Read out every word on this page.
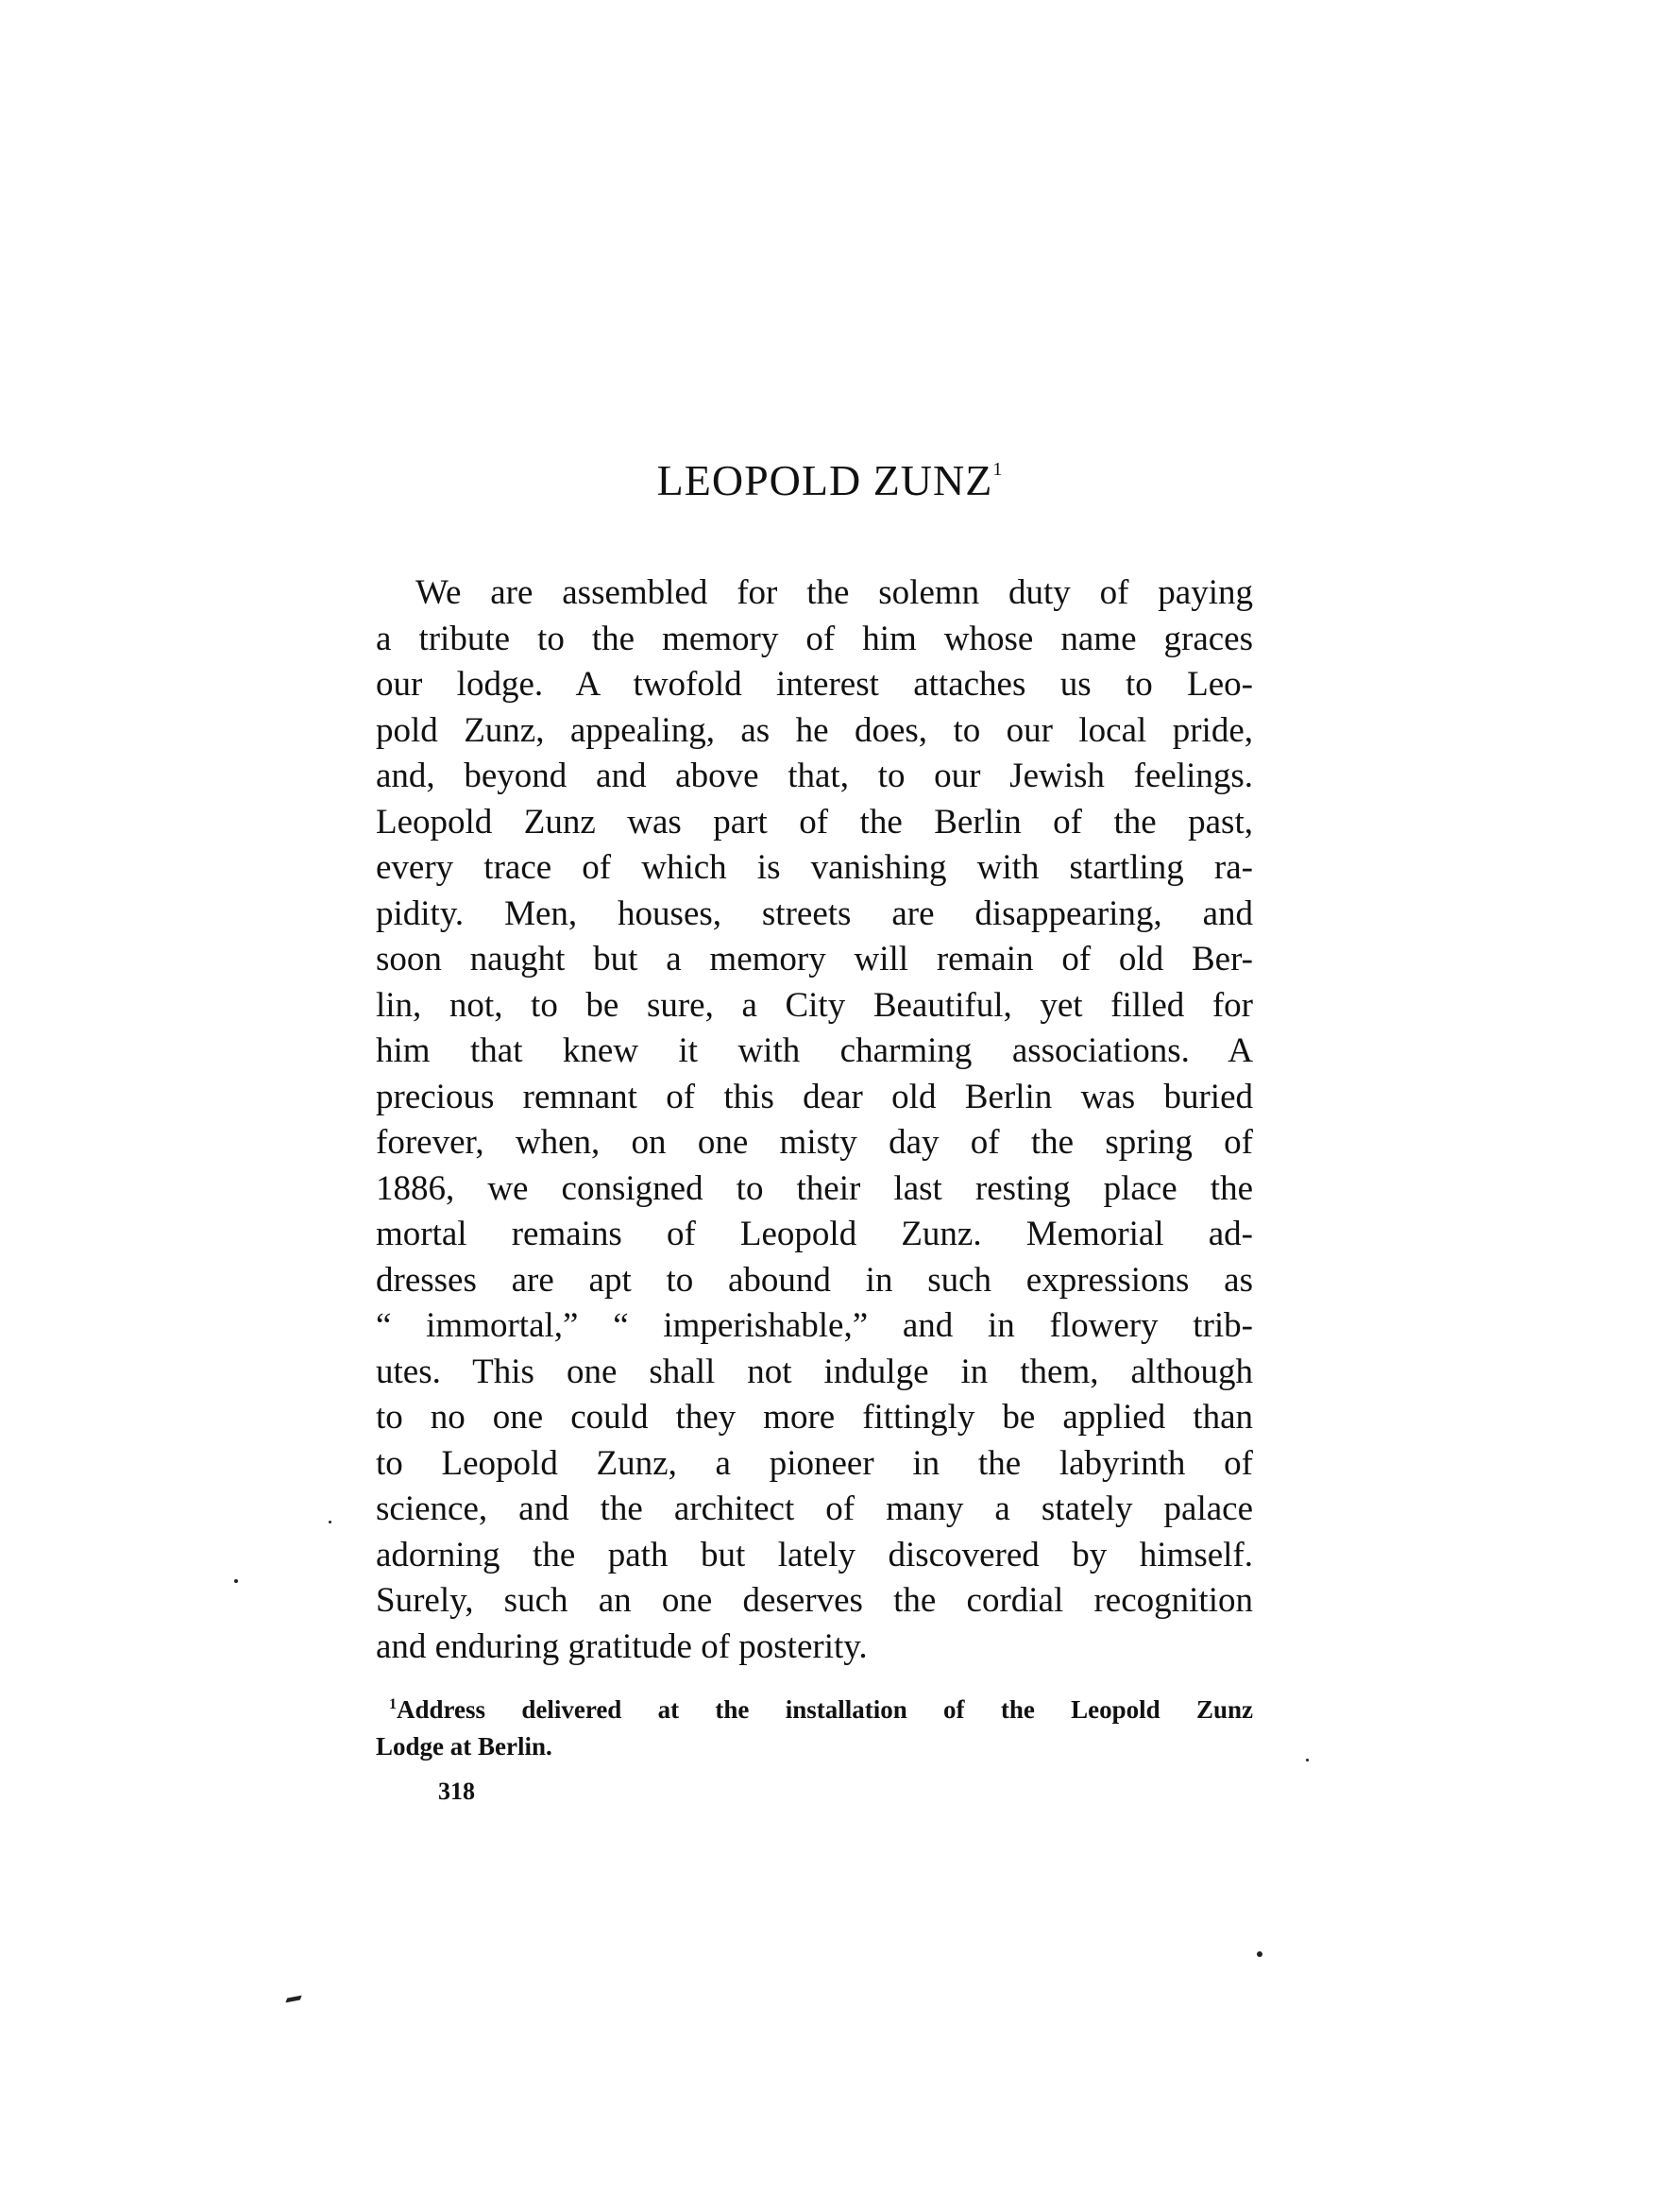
LEOPOLD ZUNZ$^1$
We are assembled for the solemn duty of paying
a tribute to the memory of him whose name graces
our lodge. A twofold interest attaches us to Leo-
pold Zunz, appealing, as he does, to our local pride,
and, beyond and above that, to our Jewish feelings.
Leopold Zunz was part of the Berlin of the past,
every trace of which is vanishing with startling ra-
pidity. Men, houses, streets are disappearing, and
soon naught but a memory will remain of old Ber-
lin, not, to be sure, a City Beautiful, yet filled for
him that knew it with charming associations. A
precious remnant of this dear old Berlin was buried
forever, when, on one misty day of the spring of
1886, we consigned to their last resting place the
mortal remains of Leopold Zunz. Memorial ad-
dresses are apt to abound in such expressions as
“ immortal,” “ imperishable,” and in flowery trib-
utes. This one shall not indulge in them, although
to no one could they more fittingly be applied than
to Leopold Zunz, a pioneer in the labyrinth of
science, and the architect of many a stately palace
adorning the path but lately discovered by himself.
Surely, such an one deserves the cordial recognition
and enduring gratitude of posterity.
$^1$Address delivered at the installation of the Leopold Zunz
Lodge at Berlin.
318
